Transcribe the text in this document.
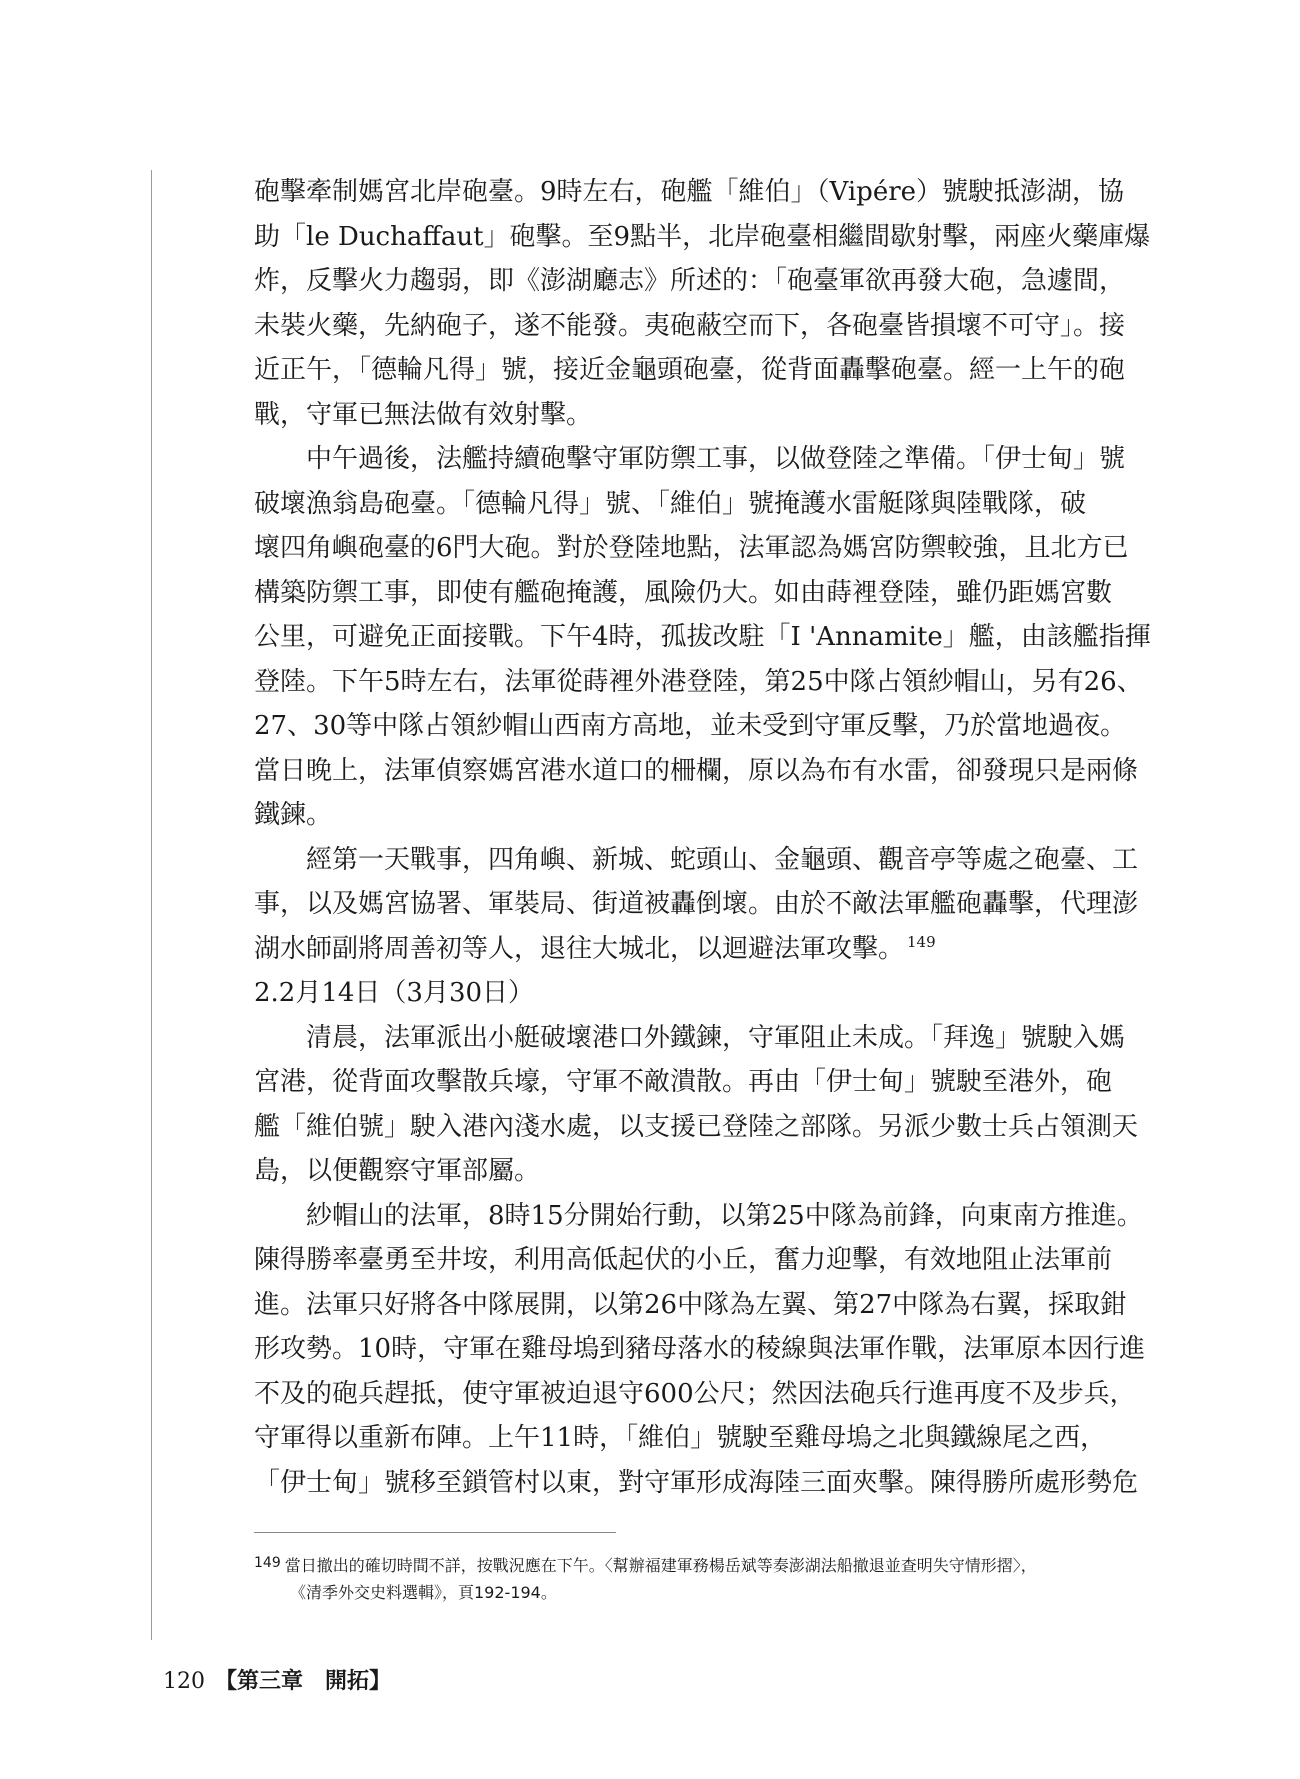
砲擊牽制媽宮北岸砲臺。9時左右，砲艦「維伯」（Vipére）號駛抵澎湖，協
助「le Duchaffaut」砲擊。至9點半，北岸砲臺相繼間歇射擊，兩座火藥庫爆
炸，反擊火力趨弱，即《澎湖廳志》所述的：「砲臺軍欲再發大砲，急遽間，
未裝火藥，先納砲子，遂不能發。夷砲蔽空而下，各砲臺皆損壞不可守」。接
近正午，「德輪凡得」號，接近金龜頭砲臺，從背面轟擊砲臺。經一上午的砲
戰，守軍已無法做有效射擊。
　　中午過後，法艦持續砲擊守軍防禦工事，以做登陸之準備。「伊士甸」號
破壞漁翁島砲臺。「德輪凡得」號、「維伯」號掩護水雷艇隊與陸戰隊，破
壞四角嶼砲臺的6門大砲。對於登陸地點，法軍認為媽宮防禦較強，且北方已
構築防禦工事，即使有艦砲掩護，風險仍大。如由蒔裡登陸，雖仍距媽宮數
公里，可避免正面接戰。下午4時，孤拔改駐「I 'Annamite」艦，由該艦指揮
登陸。下午5時左右，法軍從蒔裡外港登陸，第25中隊占領紗帽山，另有26、
27、30等中隊占領紗帽山西南方高地，並未受到守軍反擊，乃於當地過夜。
當日晚上，法軍偵察媽宮港水道口的柵欄，原以為布有水雷，卻發現只是兩條
鐵鍊。
　　經第一天戰事，四角嶼、新城、蛇頭山、金龜頭、觀音亭等處之砲臺、工
事，以及媽宮協署、軍裝局、街道被轟倒壞。由於不敵法軍艦砲轟擊，代理澎
湖水師副將周善初等人，退往大城北，以迴避法軍攻擊。 $^{149}$
2.2月14日（3月30日）
　　清晨，法軍派出小艇破壞港口外鐵鍊，守軍阻止未成。「拜逸」號駛入媽
宮港，從背面攻擊散兵壕，守軍不敵潰散。再由「伊士甸」號駛至港外，砲
艦「維伯號」駛入港內淺水處，以支援已登陸之部隊。另派少數士兵占領測天
島，以便觀察守軍部屬。
　　紗帽山的法軍，8時15分開始行動，以第25中隊為前鋒，向東南方推進。
陳得勝率臺勇至井垵，利用高低起伏的小丘，奮力迎擊，有效地阻止法軍前
進。法軍只好將各中隊展開，以第26中隊為左翼、第27中隊為右翼，採取鉗
形攻勢。10時，守軍在雞母塢到豬母落水的稜線與法軍作戰，法軍原本因行進
不及的砲兵趕抵，使守軍被迫退守600公尺；然因法砲兵行進再度不及步兵，
守軍得以重新布陣。上午11時，「維伯」號駛至雞母塢之北與鐵線尾之西，
「伊士甸」號移至鎖管村以東，對守軍形成海陸三面夾擊。陳得勝所處形勢危
149 當日撤出的確切時間不詳，按戰況應在下午。〈幫辦福建軍務楊岳斌等奏澎湖法船撤退並查明失守情形摺〉，
《清季外交史料選輯》，頁192-194。
120 【第三章　開拓】
